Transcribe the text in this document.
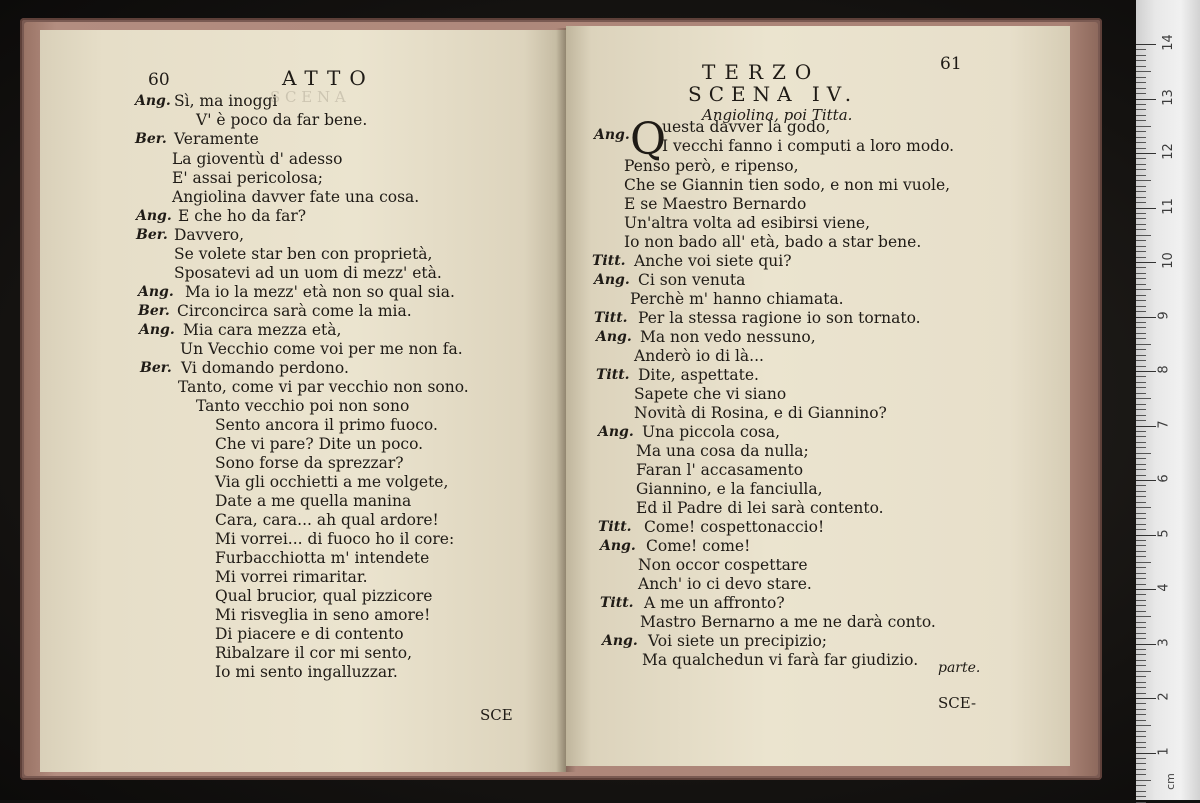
S C E N A
60	ATTO
Ang. Sì, ma inoggi
V' è poco da far bene.
Ber. Veramente
La gioventù d' adesso
E' assai pericolosa;
Angiolina davver fate una cosa.
Ang. E che ho da far?
Ber. Davvero,
Se volete star ben con proprietà,
Sposatevi ad un uom di mezz' età.
Ang. Ma io la mezz' età non so qual sia.
Ber. Circoncirca sarà come la mia.
Ang. Mia cara mezza età,
Un Vecchio come voi per me non fa.
Ber. Vi domando perdono.
Tanto, come vi par vecchio non sono.
Tanto vecchio poi non sono
Sento ancora il primo fuoco.
Che vi pare? Dite un poco.
Sono forse da sprezzar?
Via gli occhietti a me volgete,
Date a me quella manina
Cara, cara... ah qual ardore!
Mi vorrei... di fuoco ho il core:
Furbacchiotta m' intendete
Mi vorrei rimaritar.
Qual brucior, qual pizzicore
Mi risveglia in seno amore!
Di piacere e di contento
Ribalzare il cor mi sento,
Io mi sento ingalluzzar.
SCE
TERZO	61
SCENA IV.
Angiolina, poi Titta.
Ang. Q
uesta davver la godo,
I vecchi fanno i computi a loro modo.
Penso però, e ripenso,
Che se Giannin tien sodo, e non mi vuole,
E se Maestro Bernardo
Un'altra volta ad esibirsi viene,
Io non bado all' età, bado a star bene.
Titt. Anche voi siete qui?
Ang. Ci son venuta
Perchè m' hanno chiamata.
Titt. Per la stessa ragione io son tornato.
Ang. Ma non vedo nessuno,
Anderò io di là...
Titt. Dite, aspettate.
Sapete che vi siano
Novità di Rosina, e di Giannino?
Ang. Una piccola cosa,
Ma una cosa da nulla;
Faran l' accasamento
Giannino, e la fanciulla,
Ed il Padre di lei sarà contento.
Titt. Come! cospettonaccio!
Ang. Come! come!
Non occor cospettare
Anch' io ci devo stare.
Titt. A me un affronto?
Mastro Bernarno a me ne darà conto.
Ang. Voi siete un precipizio;
Ma qualchedun vi farà far giudizio. parte.
SCE-
cm
14
13
12
11
10
9
8
7
6
5
4
3
2
1
